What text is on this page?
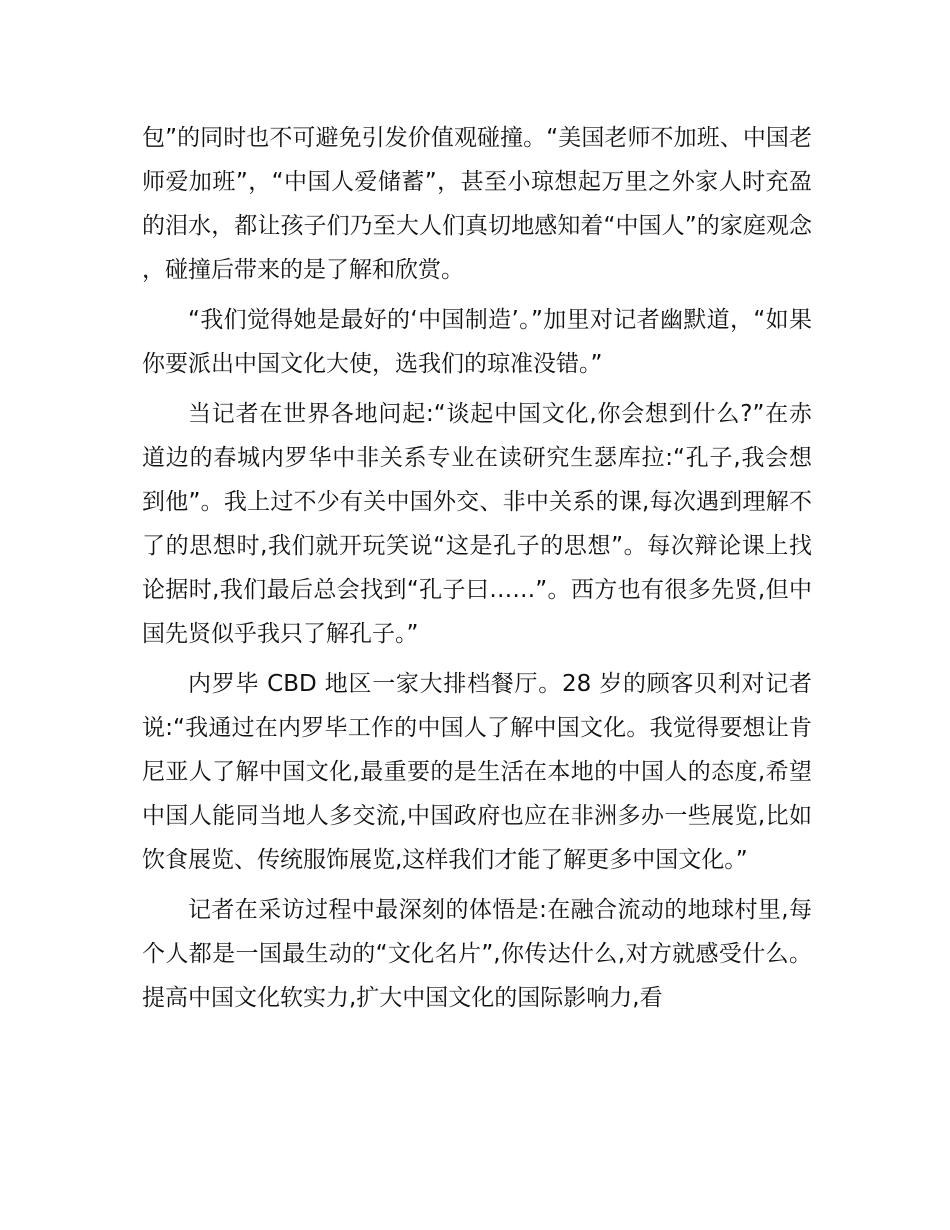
包”的同时也不可避免引发价值观碰撞。“美国老师不加班、中国老师爱加班”，“中国人爱储蓄”，甚至小琼想起万里之外家人时充盈的泪水，都让孩子们乃至大人们真切地感知着“中国人”的家庭观念，碰撞后带来的是了解和欣赏。

“我们觉得她是最好的‘中国制造’。”加里对记者幽默道，“如果你要派出中国文化大使，选我们的琼准没错。”

当记者在世界各地问起:“谈起中国文化,你会想到什么?”在赤道边的春城内罗华中非关系专业在读研究生瑟库拉:“孔子,我会想到他”。我上过不少有关中国外交、非中关系的课,每次遇到理解不了的思想时,我们就开玩笑说“这是孔子的思想”。每次辩论课上找论据时,我们最后总会找到“孔子曰……”。西方也有很多先贤,但中国先贤似乎我只了解孔子。”

内罗毕 CBD 地区一家大排档餐厅。28 岁的顾客贝利对记者说:“我通过在内罗毕工作的中国人了解中国文化。我觉得要想让肯尼亚人了解中国文化,最重要的是生活在本地的中国人的态度,希望中国人能同当地人多交流,中国政府也应在非洲多办一些展览,比如饮食展览、传统服饰展览,这样我们才能了解更多中国文化。”

记者在采访过程中最深刻的体悟是:在融合流动的地球村里,每个人都是一国最生动的“文化名片”,你传达什么,对方就感受什么。提高中国文化软实力,扩大中国文化的国际影响力,看
